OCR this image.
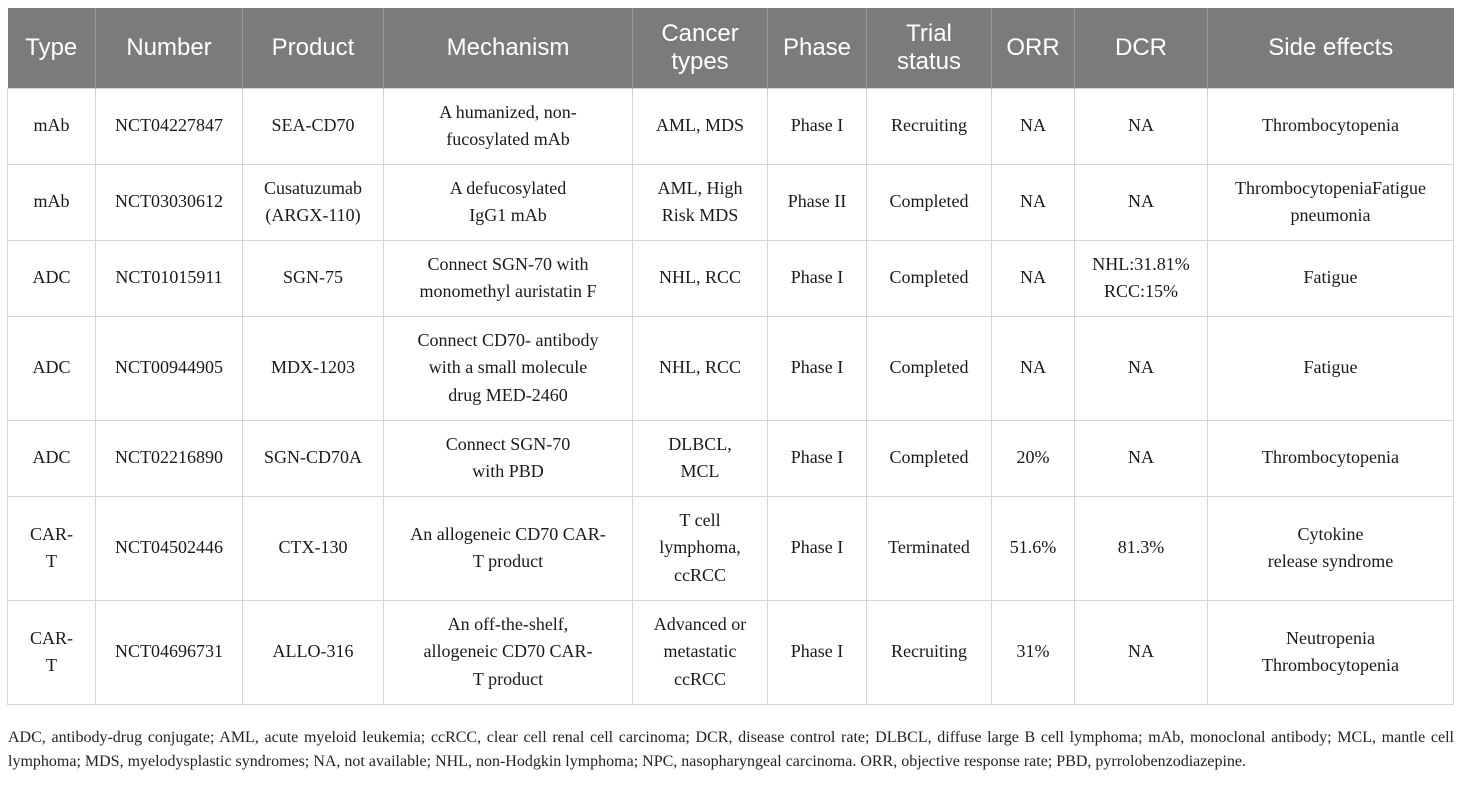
Type	Number	Product	Mechanism	Cancer
types	Phase	Trial
status	ORR	DCR	Side effects
mAb	NCT04227847	SEA-CD70	A humanized, non-
fucosylated mAb	AML, MDS	Phase I	Recruiting	NA	NA	Thrombocytopenia
mAb	NCT03030612	Cusatuzumab
(ARGX-110)	A defucosylated
IgG1 mAb	AML, High
Risk MDS	Phase II	Completed	NA	NA	ThrombocytopeniaFatigue
pneumonia
ADC	NCT01015911	SGN-75	Connect SGN-70 with
monomethyl auristatin F	NHL, RCC	Phase I	Completed	NA	NHL:31.81%
RCC:15%	Fatigue
ADC	NCT00944905	MDX-1203	Connect CD70- antibody
with a small molecule
drug MED-2460	NHL, RCC	Phase I	Completed	NA	NA	Fatigue
ADC	NCT02216890	SGN-CD70A	Connect SGN-70
with PBD	DLBCL,
MCL	Phase I	Completed	20%	NA	Thrombocytopenia
CAR-
T	NCT04502446	CTX-130	An allogeneic CD70 CAR-
T product	T cell
lymphoma,
ccRCC	Phase I	Terminated	51.6%	81.3%	Cytokine
release syndrome
CAR-
T	NCT04696731	ALLO-316	An off-the-shelf,
allogeneic CD70 CAR-
T product	Advanced or
metastatic
ccRCC	Phase I	Recruiting	31%	NA	Neutropenia
Thrombocytopenia

ADC, antibody-drug conjugate; AML, acute myeloid leukemia; ccRCC, clear cell renal cell carcinoma; DCR, disease control rate; DLBCL, diffuse large B cell lymphoma; mAb, monoclonal antibody; MCL, mantle cell lymphoma; MDS, myelodysplastic syndromes; NA, not available; NHL, non-Hodgkin lymphoma; NPC, nasopharyngeal carcinoma. ORR, objective response rate; PBD, pyrrolobenzodiazepine.
